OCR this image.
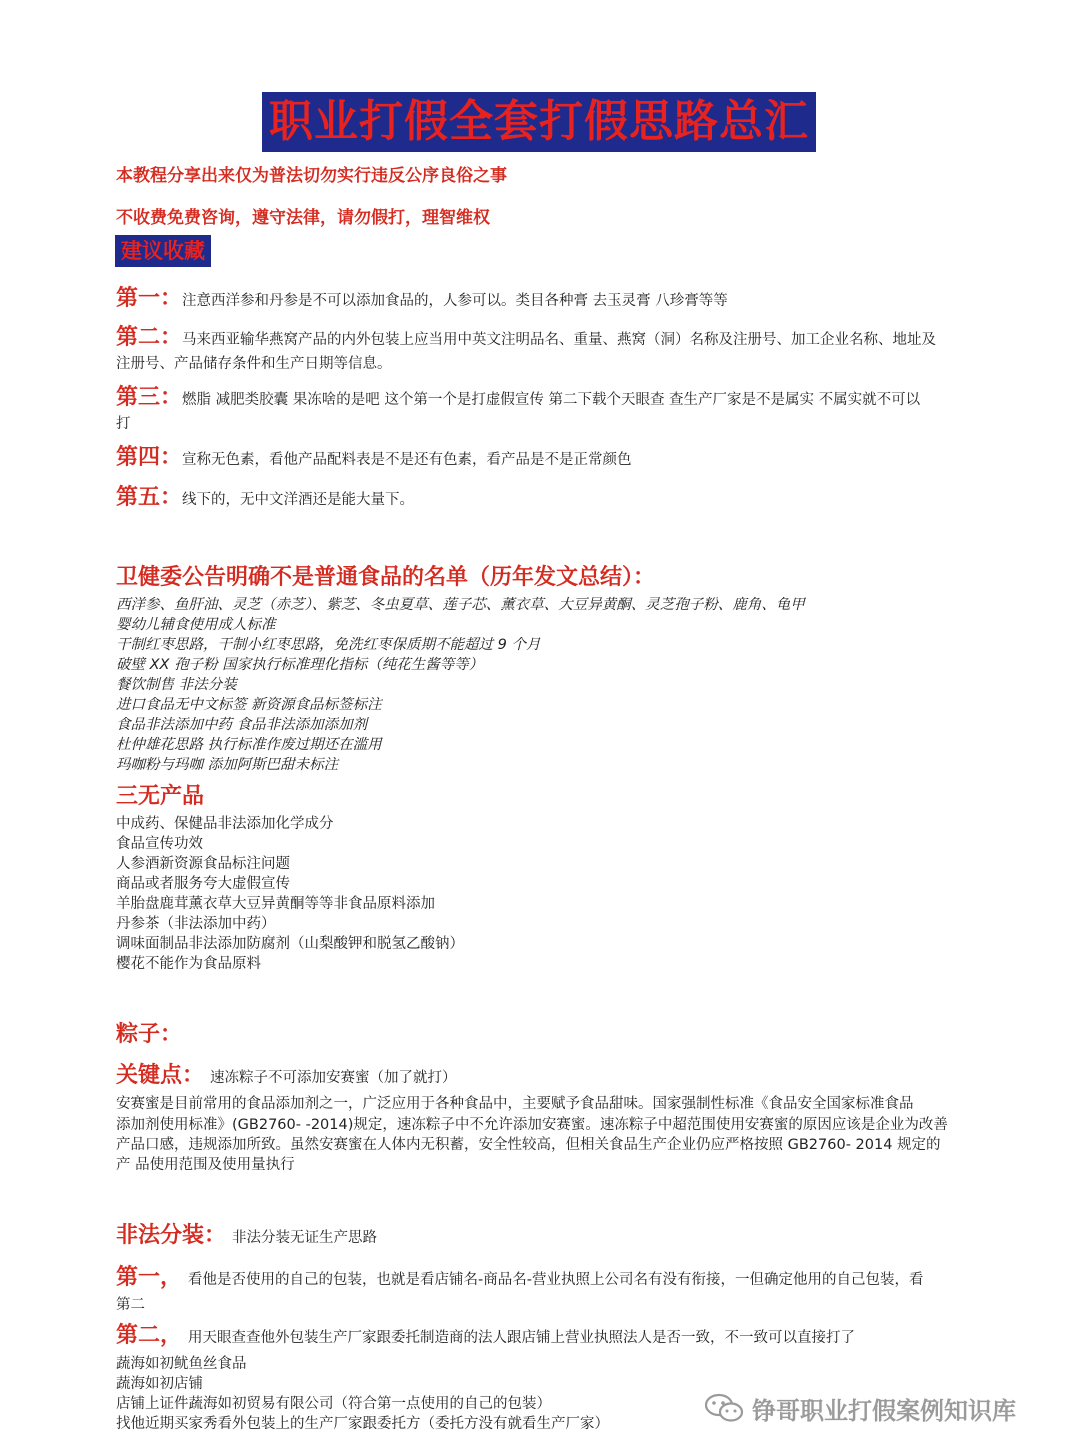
职业打假全套打假思路总汇
本教程分享出来仅为普法切勿实行违反公序良俗之事
不收费免费咨询，遵守法律，请勿假打，理智维权
建议收藏
第一：注意西洋参和丹参是不可以添加食品的，人参可以。类目各种膏 去玉灵膏 八珍膏等等
第二：马来西亚输华燕窝产品的内外包装上应当用中英文注明品名、重量、燕窝（洞）名称及注册号、加工企业名称、地址及
注册号、产品储存条件和生产日期等信息。
第三：燃脂 减肥类胶囊 果冻啥的是吧 这个第一个是打虚假宣传 第二下载个天眼查 查生产厂家是不是属实 不属实就不可以
打
第四：宣称无色素，看他产品配料表是不是还有色素，看产品是不是正常颜色
第五：线下的，无中文洋酒还是能大量下。
卫健委公告明确不是普通食品的名单（历年发文总结）：
西洋参、鱼肝油、灵芝（赤芝）、紫芝、冬虫夏草、莲子芯、薰衣草、大豆异黄酮、灵芝孢子粉、鹿角、龟甲
婴幼儿辅食使用成人标准
干制红枣思路，干制小红枣思路，免洗红枣保质期不能超过 9 个月
破壁 XX 孢子粉 国家执行标准理化指标（纯花生酱等等）
餐饮制售 非法分装
进口食品无中文标签 新资源食品标签标注
食品非法添加中药 食品非法添加添加剂
杜仲雄花思路 执行标准作废过期还在滥用
玛咖粉与玛咖 添加阿斯巴甜未标注
三无产品
中成药、保健品非法添加化学成分
食品宣传功效
人参酒新资源食品标注问题
商品或者服务夸大虚假宣传
羊胎盘鹿茸薰衣草大豆异黄酮等等非食品原料添加
丹参茶（非法添加中药）
调味面制品非法添加防腐剂（山梨酸钾和脱氢乙酸钠）
樱花不能作为食品原料
粽子：
关键点： 速冻粽子不可添加安赛蜜（加了就打）
安赛蜜是目前常用的食品添加剂之一，广泛应用于各种食品中，主要赋予食品甜味。国家强制性标准《食品安全国家标准食品
添加剂使用标准》(GB2760- -2014)规定，速冻粽子中不允许添加安赛蜜。速冻粽子中超范围使用安赛蜜的原因应该是企业为改善
产品口感，违规添加所致。虽然安赛蜜在人体内无积蓄，安全性较高，但相关食品生产企业仍应严格按照 GB2760- 2014 规定的
产 品使用范围及使用量执行
非法分装： 非法分装无证生产思路
第一， 看他是否使用的自己的包装，也就是看店铺名-商品名-营业执照上公司名有没有衔接，一但确定他用的自己包装，看
第二
第二， 用天眼查查他外包装生产厂家跟委托制造商的法人跟店铺上营业执照法人是否一致，不一致可以直接打了
蔬海如初鱿鱼丝食品
蔬海如初店铺
店铺上证件蔬海如初贸易有限公司（符合第一点使用的自己的包装）
找他近期买家秀看外包装上的生产厂家跟委托方（委托方没有就看生产厂家）	铮哥职业打假案例知识库
